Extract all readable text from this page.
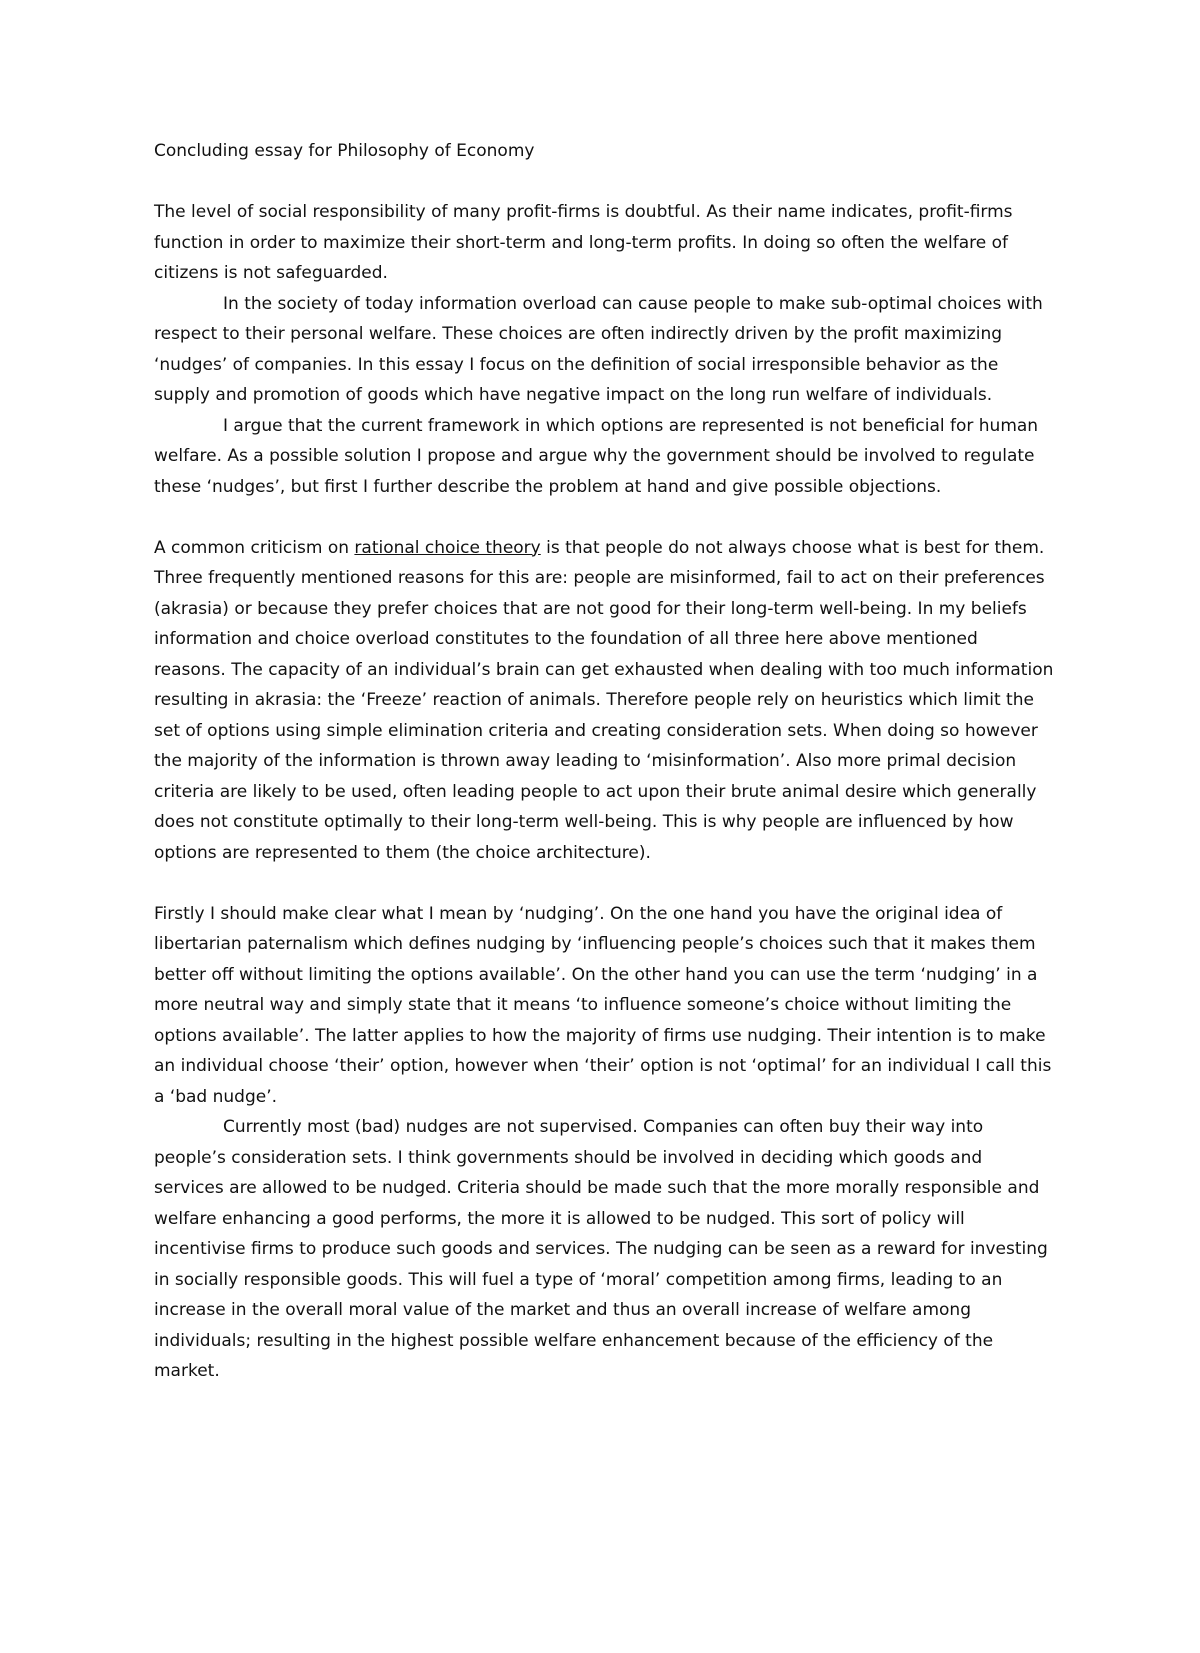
Concluding essay for Philosophy of Economy

The level of social responsibility of many profit-firms is doubtful. As their name indicates, profit-firms function in order to maximize their short-term and long-term profits. In doing so often the welfare of citizens is not safeguarded.

In the society of today information overload can cause people to make sub-optimal choices with respect to their personal welfare. These choices are often indirectly driven by the profit maximizing ‘nudges’ of companies. In this essay I focus on the definition of social irresponsible behavior as the supply and promotion of goods which have negative impact on the long run welfare of individuals.

I argue that the current framework in which options are represented is not beneficial for human welfare. As a possible solution I propose and argue why the government should be involved to regulate these ‘nudges’, but first I further describe the problem at hand and give possible objections.

A common criticism on rational choice theory is that people do not always choose what is best for them. Three frequently mentioned reasons for this are: people are misinformed, fail to act on their preferences (akrasia) or because they prefer choices that are not good for their long-term well-being. In my beliefs information and choice overload constitutes to the foundation of all three here above mentioned reasons. The capacity of an individual’s brain can get exhausted when dealing with too much information resulting in akrasia: the ‘Freeze’ reaction of animals. Therefore people rely on heuristics which limit the set of options using simple elimination criteria and creating consideration sets. When doing so however the majority of the information is thrown away leading to ‘misinformation’. Also more primal decision criteria are likely to be used, often leading people to act upon their brute animal desire which generally does not constitute optimally to their long-term well-being. This is why people are influenced by how options are represented to them (the choice architecture).

Firstly I should make clear what I mean by ‘nudging’. On the one hand you have the original idea of libertarian paternalism which defines nudging by ‘influencing people’s choices such that it makes them better off without limiting the options available’. On the other hand you can use the term ‘nudging’ in a more neutral way and simply state that it means ‘to influence someone’s choice without limiting the options available’. The latter applies to how the majority of firms use nudging. Their intention is to make an individual choose ‘their’ option, however when ‘their’ option is not ‘optimal’ for an individual I call this a ‘bad nudge’.

Currently most (bad) nudges are not supervised. Companies can often buy their way into people’s consideration sets. I think governments should be involved in deciding which goods and services are allowed to be nudged. Criteria should be made such that the more morally responsible and welfare enhancing a good performs, the more it is allowed to be nudged. This sort of policy will incentivise firms to produce such goods and services. The nudging can be seen as a reward for investing in socially responsible goods. This will fuel a type of ‘moral’ competition among firms, leading to an increase in the overall moral value of the market and thus an overall increase of welfare among individuals; resulting in the highest possible welfare enhancement because of the efficiency of the market.
